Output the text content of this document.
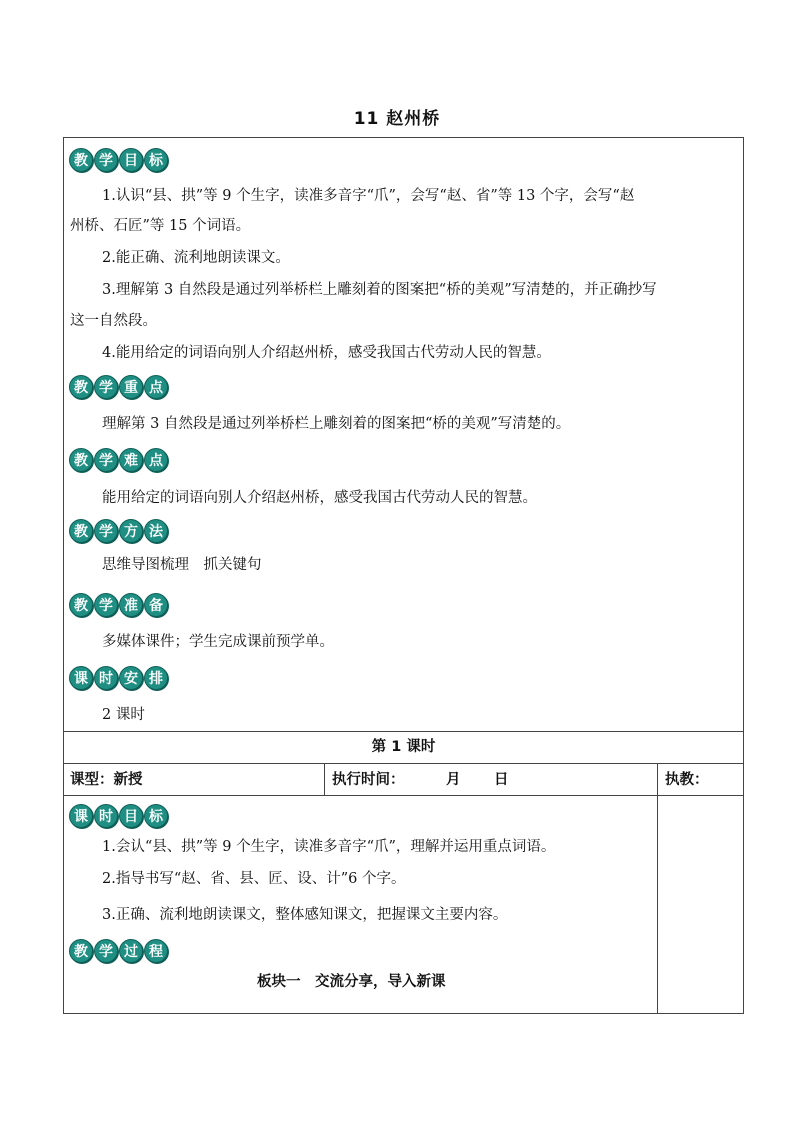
11 赵州桥
教 学 目 标
1.认识“县、拱”等 9 个生字，读准多音字“爪”，会写“赵、省”等 13 个字，会写“赵
州桥、石匠”等 15 个词语。
2.能正确、流利地朗读课文。
3.理解第 3 自然段是通过列举桥栏上雕刻着的图案把“桥的美观”写清楚的，并正确抄写
这一自然段。
4.能用给定的词语向别人介绍赵州桥，感受我国古代劳动人民的智慧。
教 学 重 点
理解第 3 自然段是通过列举桥栏上雕刻着的图案把“桥的美观”写清楚的。
教 学 难 点
能用给定的词语向别人介绍赵州桥，感受我国古代劳动人民的智慧。
教 学 方 法
思维导图梳理　抓关键句
教 学 准 备
多媒体课件；学生完成课前预学单。
课 时 安 排
2 课时
第 1 课时
课型：新授	执行时间：	月 日	执教：
课 时 目 标
1.会认“县、拱”等 9 个生字，读准多音字“爪”，理解并运用重点词语。
2.指导书写“赵、省、县、匠、设、计”6 个字。
3.正确、流利地朗读课文，整体感知课文，把握课文主要内容。
教 学 过 程
板块一　交流分享，导入新课
